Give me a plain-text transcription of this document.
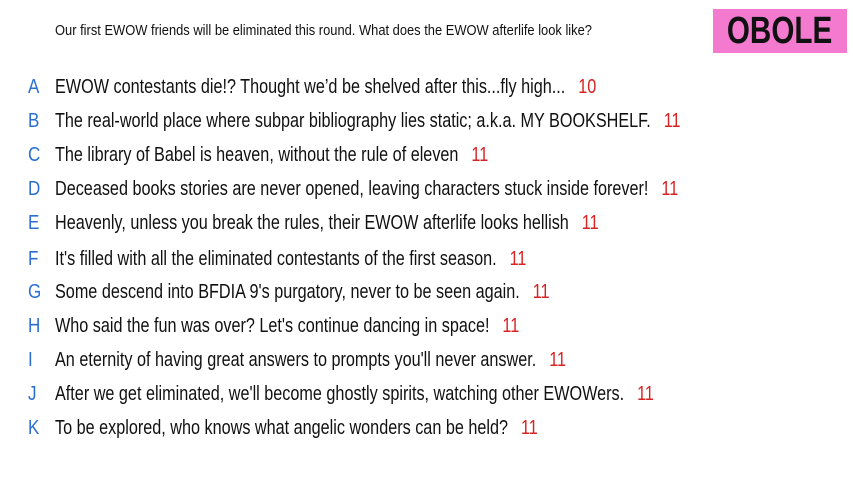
Our first EWOW friends will be eliminated this round. What does the EWOW afterlife look like?	OBOLE
A EWOW contestants die!? Thought we’d be shelved after this...fly high... 10
B The real-world place where subpar bibliography lies static; a.k.a. MY BOOKSHELF. 11
C The library of Babel is heaven, without the rule of eleven 11
D Deceased books stories are never opened, leaving characters stuck inside forever! 11
E Heavenly, unless you break the rules, their EWOW afterlife looks hellish 11
F It's filled with all the eliminated contestants of the first season. 11
G Some descend into BFDIA 9's purgatory, never to be seen again. 11
H Who said the fun was over? Let's continue dancing in space! 11
I An eternity of having great answers to prompts you'll never answer. 11
J After we get eliminated, we'll become ghostly spirits, watching other EWOWers. 11
K To be explored, who knows what angelic wonders can be held? 11
